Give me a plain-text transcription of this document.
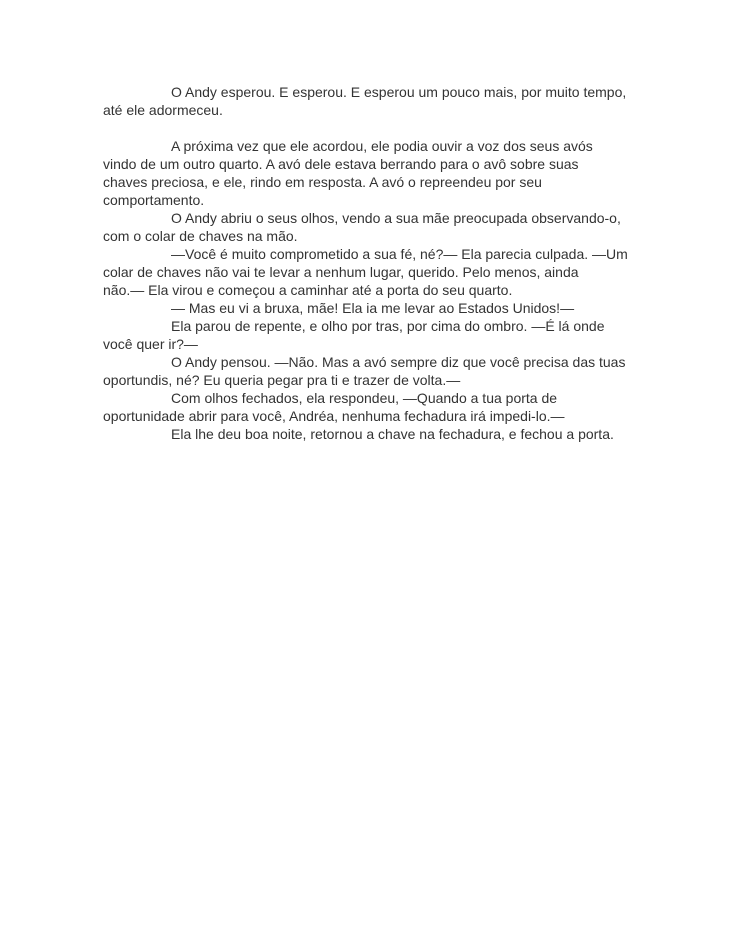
O Andy esperou. E esperou. E esperou um pouco mais, por muito tempo,
até ele adormeceu.

A próxima vez que ele acordou, ele podia ouvir a voz dos seus avós
vindo de um outro quarto. A avó dele estava berrando para o avô sobre suas
chaves preciosa, e ele, rindo em resposta. A avó o repreendeu por seu
comportamento.

O Andy abriu o seus olhos, vendo a sua mãe preocupada observando-o,
com o colar de chaves na mão.

—Você é muito comprometido a sua fé, né?— Ela parecia culpada. —Um
colar de chaves não vai te levar a nenhum lugar, querido. Pelo menos, ainda
não.— Ela virou e começou a caminhar até a porta do seu quarto.

— Mas eu vi a bruxa, mãe! Ela ia me levar ao Estados Unidos!—

Ela parou de repente, e olho por tras, por cima do ombro. —É lá onde
você quer ir?—

O Andy pensou. —Não. Mas a avó sempre diz que você precisa das tuas
oportundis, né? Eu queria pegar pra ti e trazer de volta.—

Com olhos fechados, ela respondeu, —Quando a tua porta de
oportunidade abrir para você, Andréa, nenhuma fechadura irá impedi-lo.—

Ela lhe deu boa noite, retornou a chave na fechadura, e fechou a porta.
